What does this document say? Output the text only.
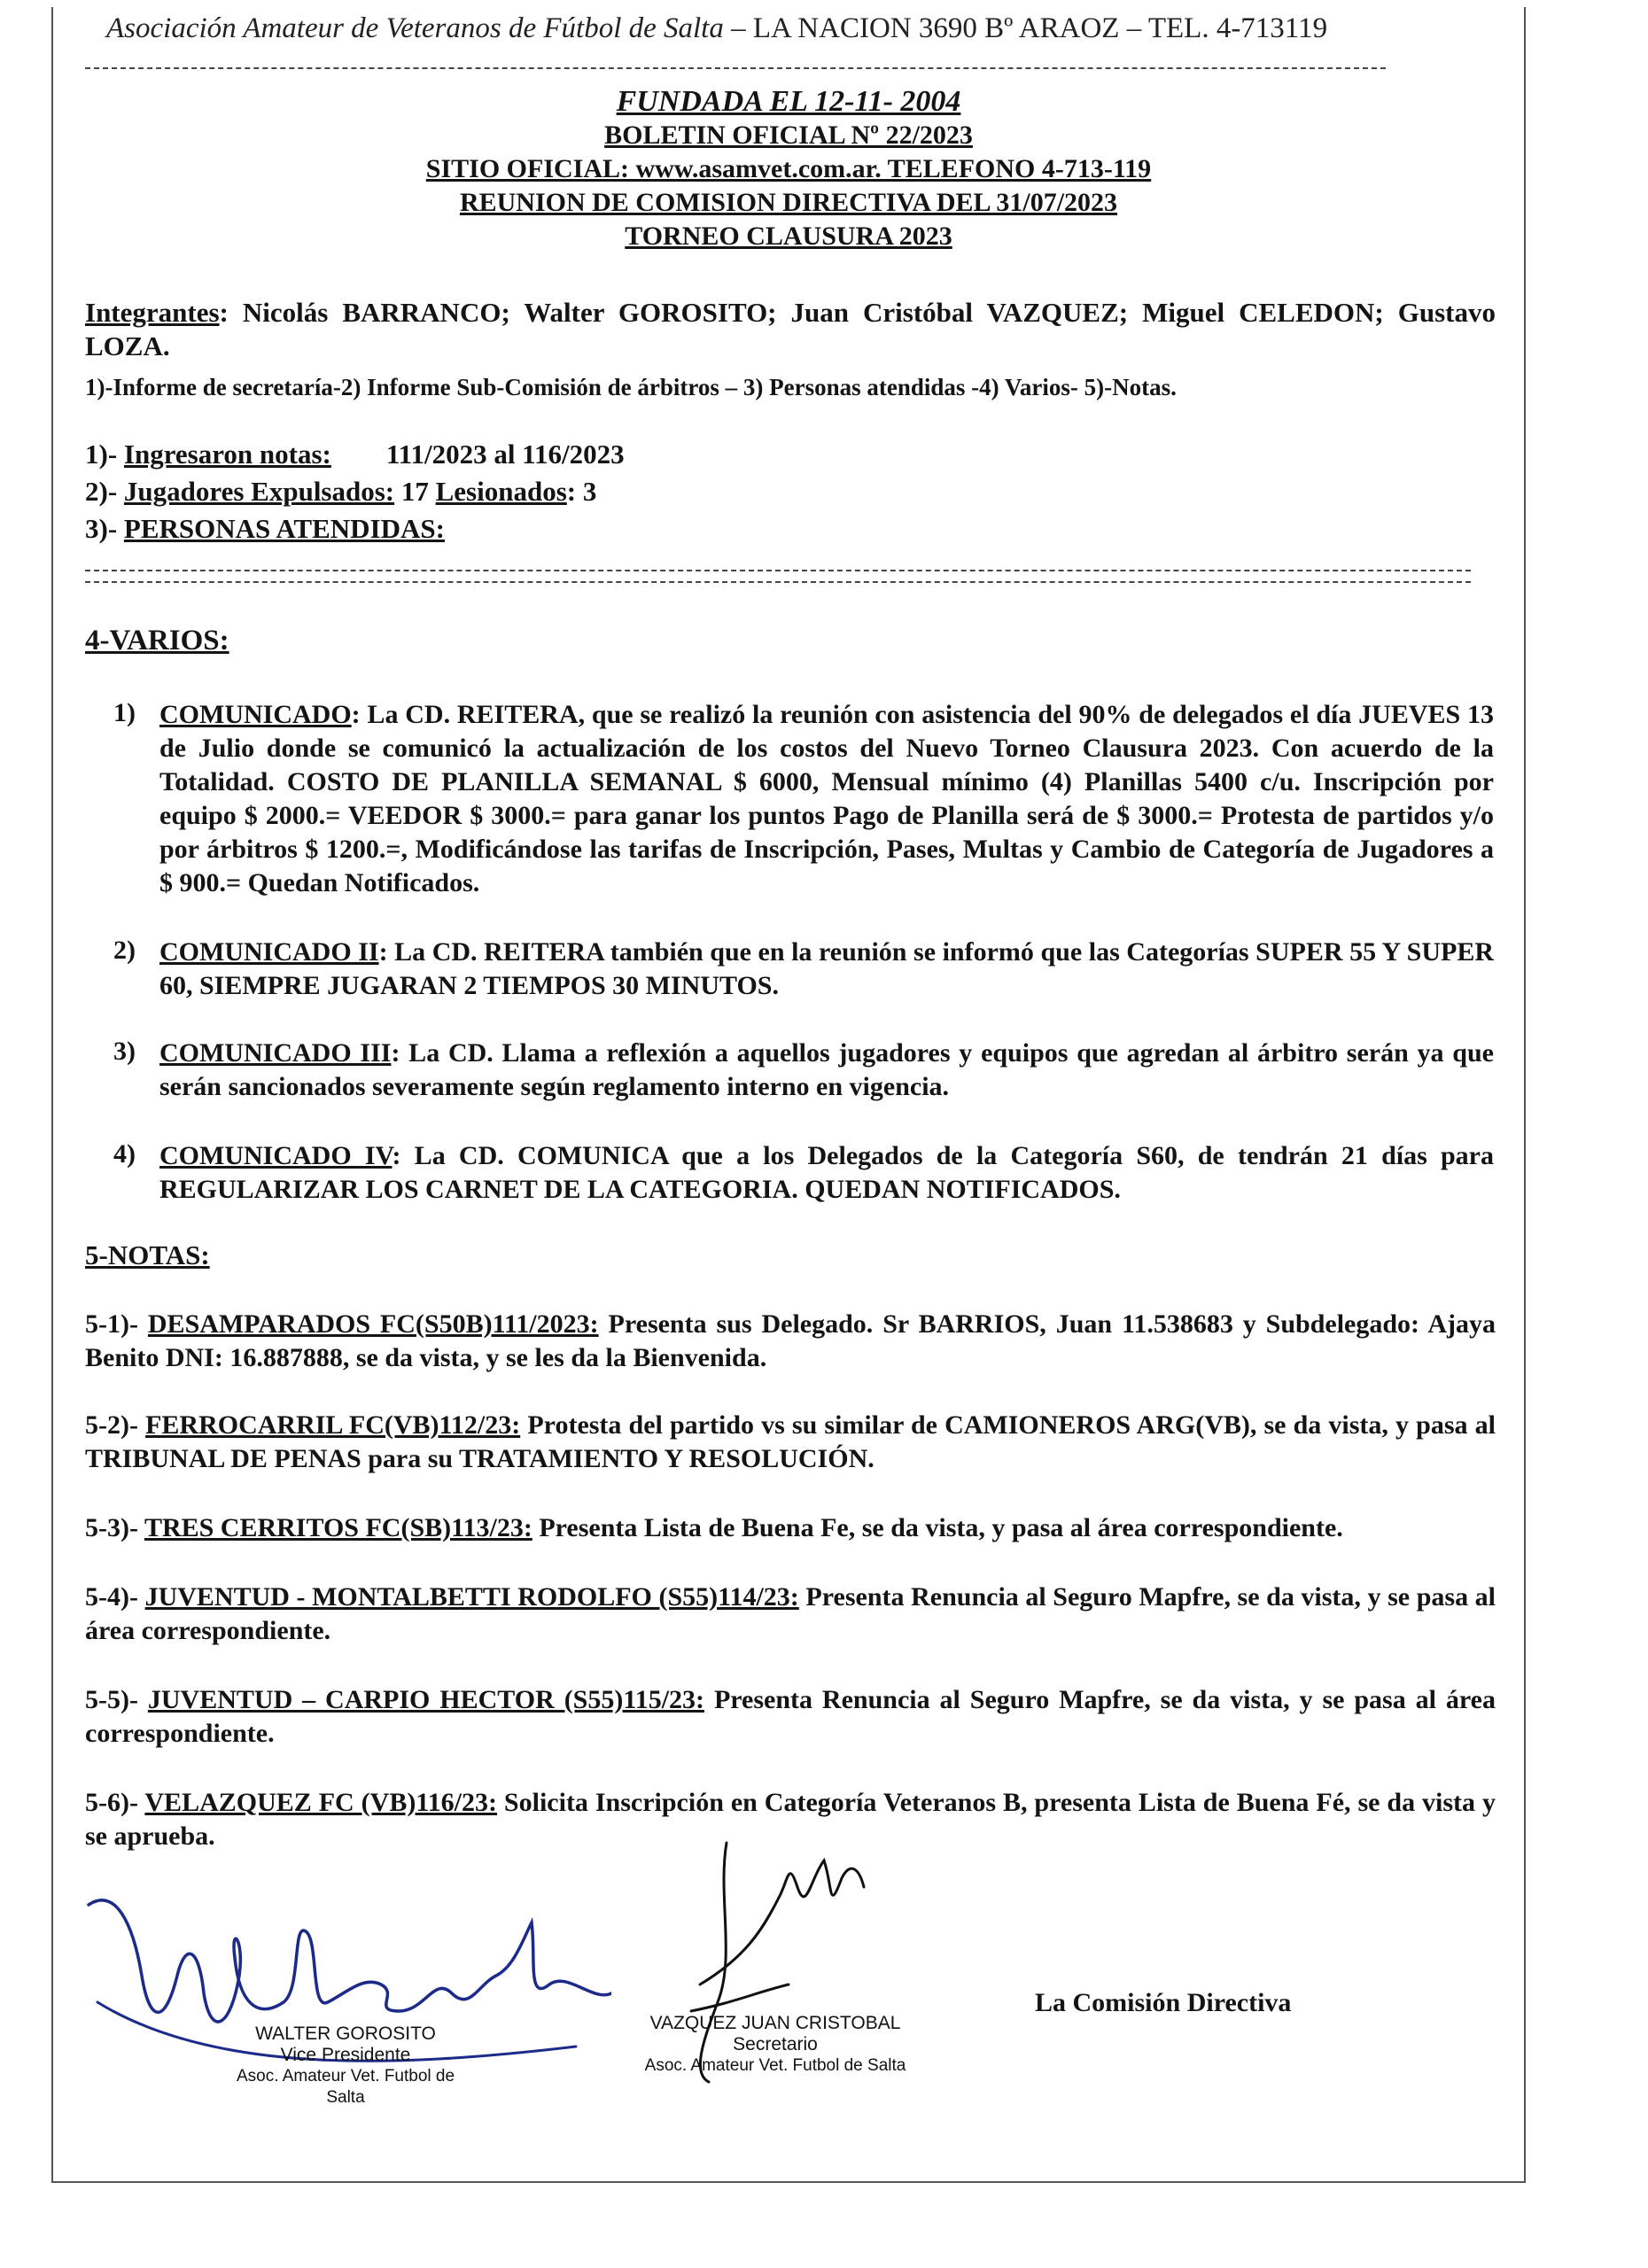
Asociación Amateur de Veteranos de Fútbol de Salta – LA NACION 3690 Bº ARAOZ – TEL. 4-713119
FUNDADA EL 12-11- 2004
BOLETIN OFICIAL Nº 22/2023
SITIO OFICIAL: www.asamvet.com.ar. TELEFONO 4-713-119
REUNION DE COMISION DIRECTIVA DEL 31/07/2023
TORNEO CLAUSURA 2023
Integrantes: Nicolás BARRANCO; Walter GOROSITO; Juan Cristóbal VAZQUEZ; Miguel CELEDON; Gustavo LOZA.
1)-Informe de secretaría-2) Informe Sub-Comisión de árbitros – 3) Personas atendidas -4) Varios- 5)-Notas.
1)- Ingresaron notas: 111/2023 al 116/2023
2)- Jugadores Expulsados: 17 Lesionados: 3
3)- PERSONAS ATENDIDAS:
4-VARIOS:
1) COMUNICADO: La CD. REITERA, que se realizó la reunión con asistencia del 90% de delegados el día JUEVES 13 de Julio donde se comunicó la actualización de los costos del Nuevo Torneo Clausura 2023. Con acuerdo de la Totalidad. COSTO DE PLANILLA SEMANAL $ 6000, Mensual mínimo (4) Planillas 5400 c/u. Inscripción por equipo $ 2000.= VEEDOR $ 3000.= para ganar los puntos Pago de Planilla será de $ 3000.= Protesta de partidos y/o por árbitros $ 1200.=, Modificándose las tarifas de Inscripción, Pases, Multas y Cambio de Categoría de Jugadores a $ 900.= Quedan Notificados.
2) COMUNICADO II: La CD. REITERA también que en la reunión se informó que las Categorías SUPER 55 Y SUPER 60, SIEMPRE JUGARAN 2 TIEMPOS 30 MINUTOS.
3) COMUNICADO III: La CD. Llama a reflexión a aquellos jugadores y equipos que agredan al árbitro serán ya que serán sancionados severamente según reglamento interno en vigencia.
4) COMUNICADO IV: La CD. COMUNICA que a los Delegados de la Categoría S60, de tendrán 21 días para REGULARIZAR LOS CARNET DE LA CATEGORIA. QUEDAN NOTIFICADOS.
5-NOTAS:
5-1)- DESAMPARADOS FC(S50B)111/2023: Presenta sus Delegado. Sr BARRIOS, Juan 11.538683 y Subdelegado: Ajaya Benito DNI: 16.887888, se da vista, y se les da la Bienvenida.
5-2)- FERROCARRIL FC(VB)112/23: Protesta del partido vs su similar de CAMIONEROS ARG(VB), se da vista, y pasa al TRIBUNAL DE PENAS para su TRATAMIENTO Y RESOLUCIÓN.
5-3)- TRES CERRITOS FC(SB)113/23: Presenta Lista de Buena Fe, se da vista, y pasa al área correspondiente.
5-4)- JUVENTUD - MONTALBETTI RODOLFO (S55)114/23: Presenta Renuncia al Seguro Mapfre, se da vista, y se pasa al área correspondiente.
5-5)- JUVENTUD – CARPIO HECTOR (S55)115/23: Presenta Renuncia al Seguro Mapfre, se da vista, y se pasa al área correspondiente.
5-6)- VELAZQUEZ FC (VB)116/23: Solicita Inscripción en Categoría Veteranos B, presenta Lista de Buena Fé, se da vista y se aprueba.
WALTER GOROSITO
Vice Presidente
Asoc. Amateur Vet. Futbol de Salta
VAZQUEZ JUAN CRISTOBAL
Secretario
Asoc. Amateur Vet. Futbol de Salta
La Comisión Directiva
